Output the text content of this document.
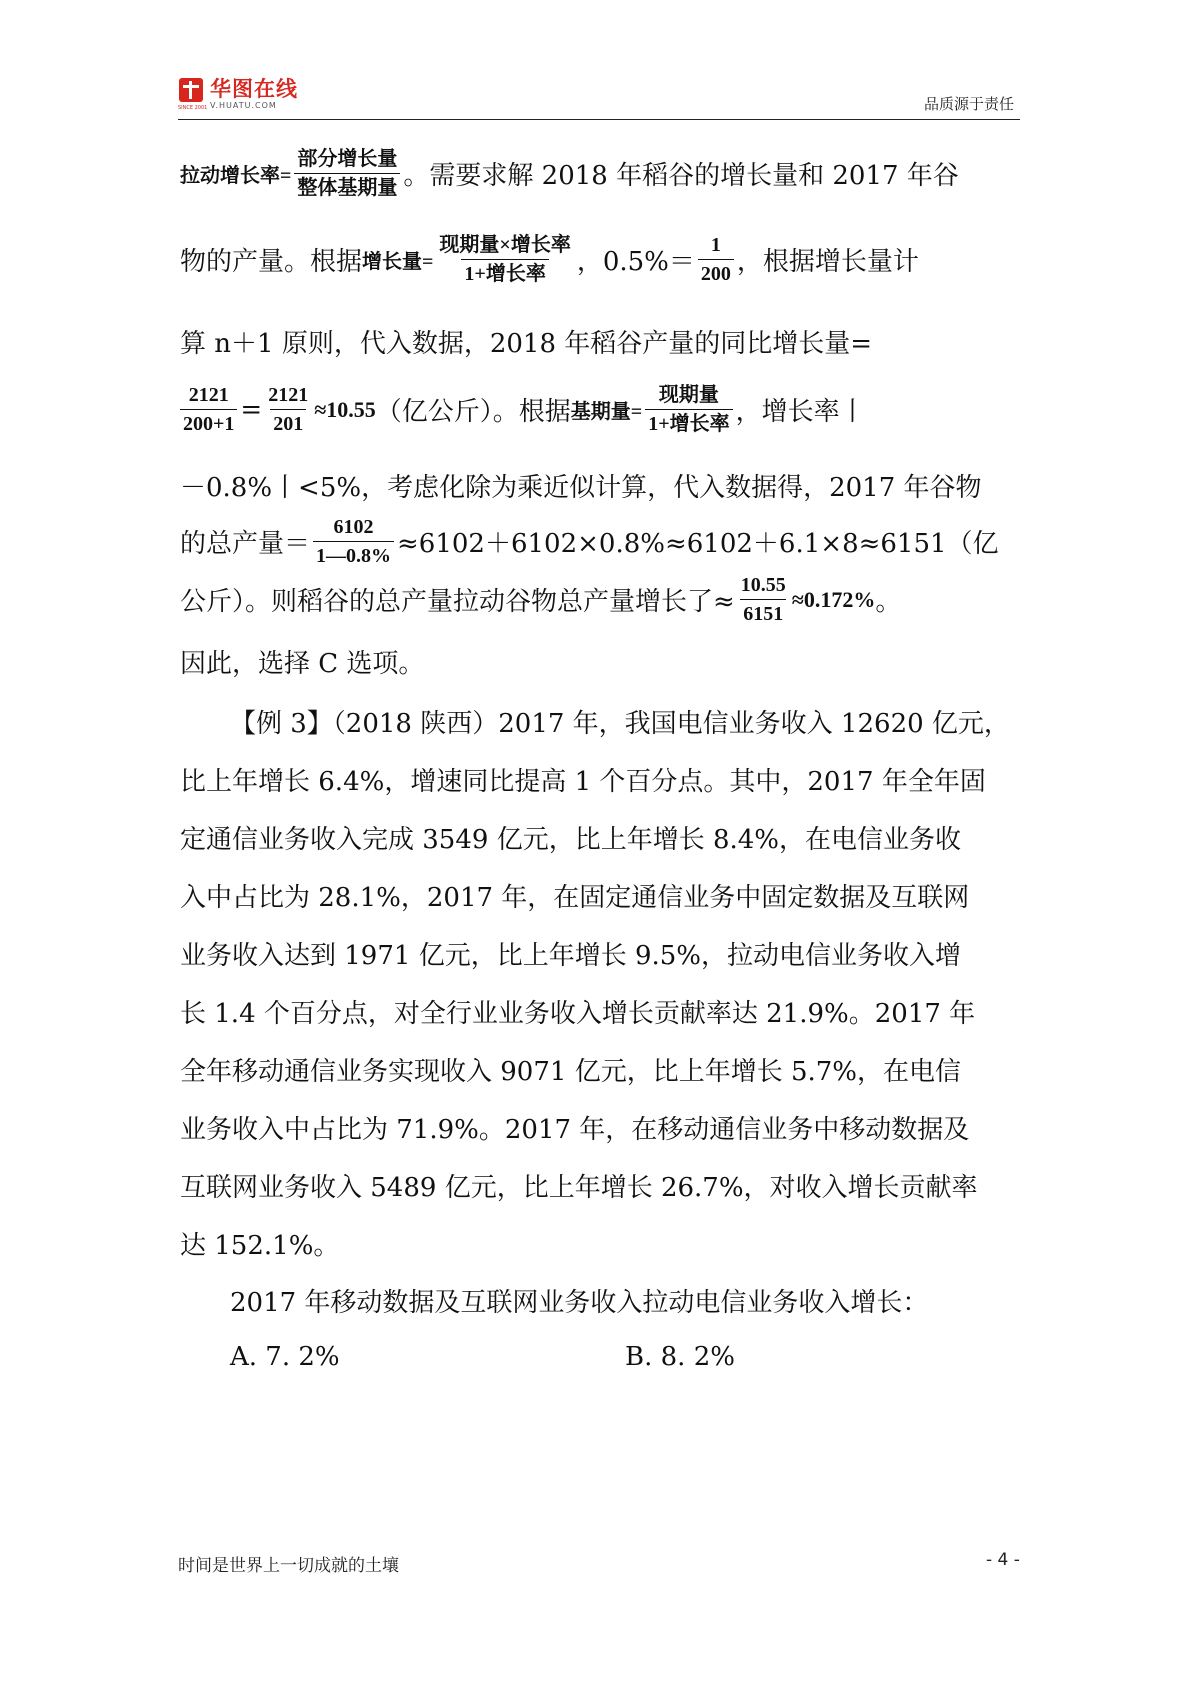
SINCE 2001
华图在线
V.HUATU.COM	品质源于责任
拉动增长率= $\frac{\text{部分增长量}}{\text{整体基期量}}$ 。需要求解 2018 年稻谷的增长量和 2017 年谷
物的产量。根据 增长量= $\frac{\text{现期量×增长率}}{\text{1+增长率}}$ ，$0.5\%= \frac{1}{200}$ ，根据增长量计
算 n＋1 原则，代入数据，2018 年稻谷产量的同比增长量=
$\frac{2121}{200+1} = \frac{2121}{201} \approx 10.55$ （亿公斤）。根据 基期量= $\frac{\text{现期量}}{\text{1+增长率}}$ ，增长率丨
－0.8%丨<5%，考虑化除为乘近似计算，代入数据得，2017 年谷物
的总产量＝ $\frac{6102}{1—0.8\%} \approx 6102+6102\times 0.8\%\approx 6102+6.1\times 8\approx 6151$（亿
公斤）。则稻谷的总产量拉动谷物总产量增长了≈ $\frac{10.55}{6151} \approx 0.172\%$ 。
因此，选择 C 选项。
【例 3】（2018 陕西）2017 年，我国电信业务收入 12620 亿元，
比上年增长 6.4%，增速同比提高 1 个百分点。其中，2017 年全年固
定通信业务收入完成 3549 亿元，比上年增长 8.4%，在电信业务收
入中占比为 28.1%，2017 年，在固定通信业务中固定数据及互联网
业务收入达到 1971 亿元，比上年增长 9.5%，拉动电信业务收入增
长 1.4 个百分点，对全行业业务收入增长贡献率达 21.9%。2017 年
全年移动通信业务实现收入 9071 亿元，比上年增长 5.7%，在电信
业务收入中占比为 71.9%。2017 年，在移动通信业务中移动数据及
互联网业务收入 5489 亿元，比上年增长 26.7%，对收入增长贡献率
达 152.1%。
2017 年移动数据及互联网业务收入拉动电信业务收入增长：
A. 7. 2%	B. 8. 2%
时间是世界上一切成就的土壤	- 4 -
